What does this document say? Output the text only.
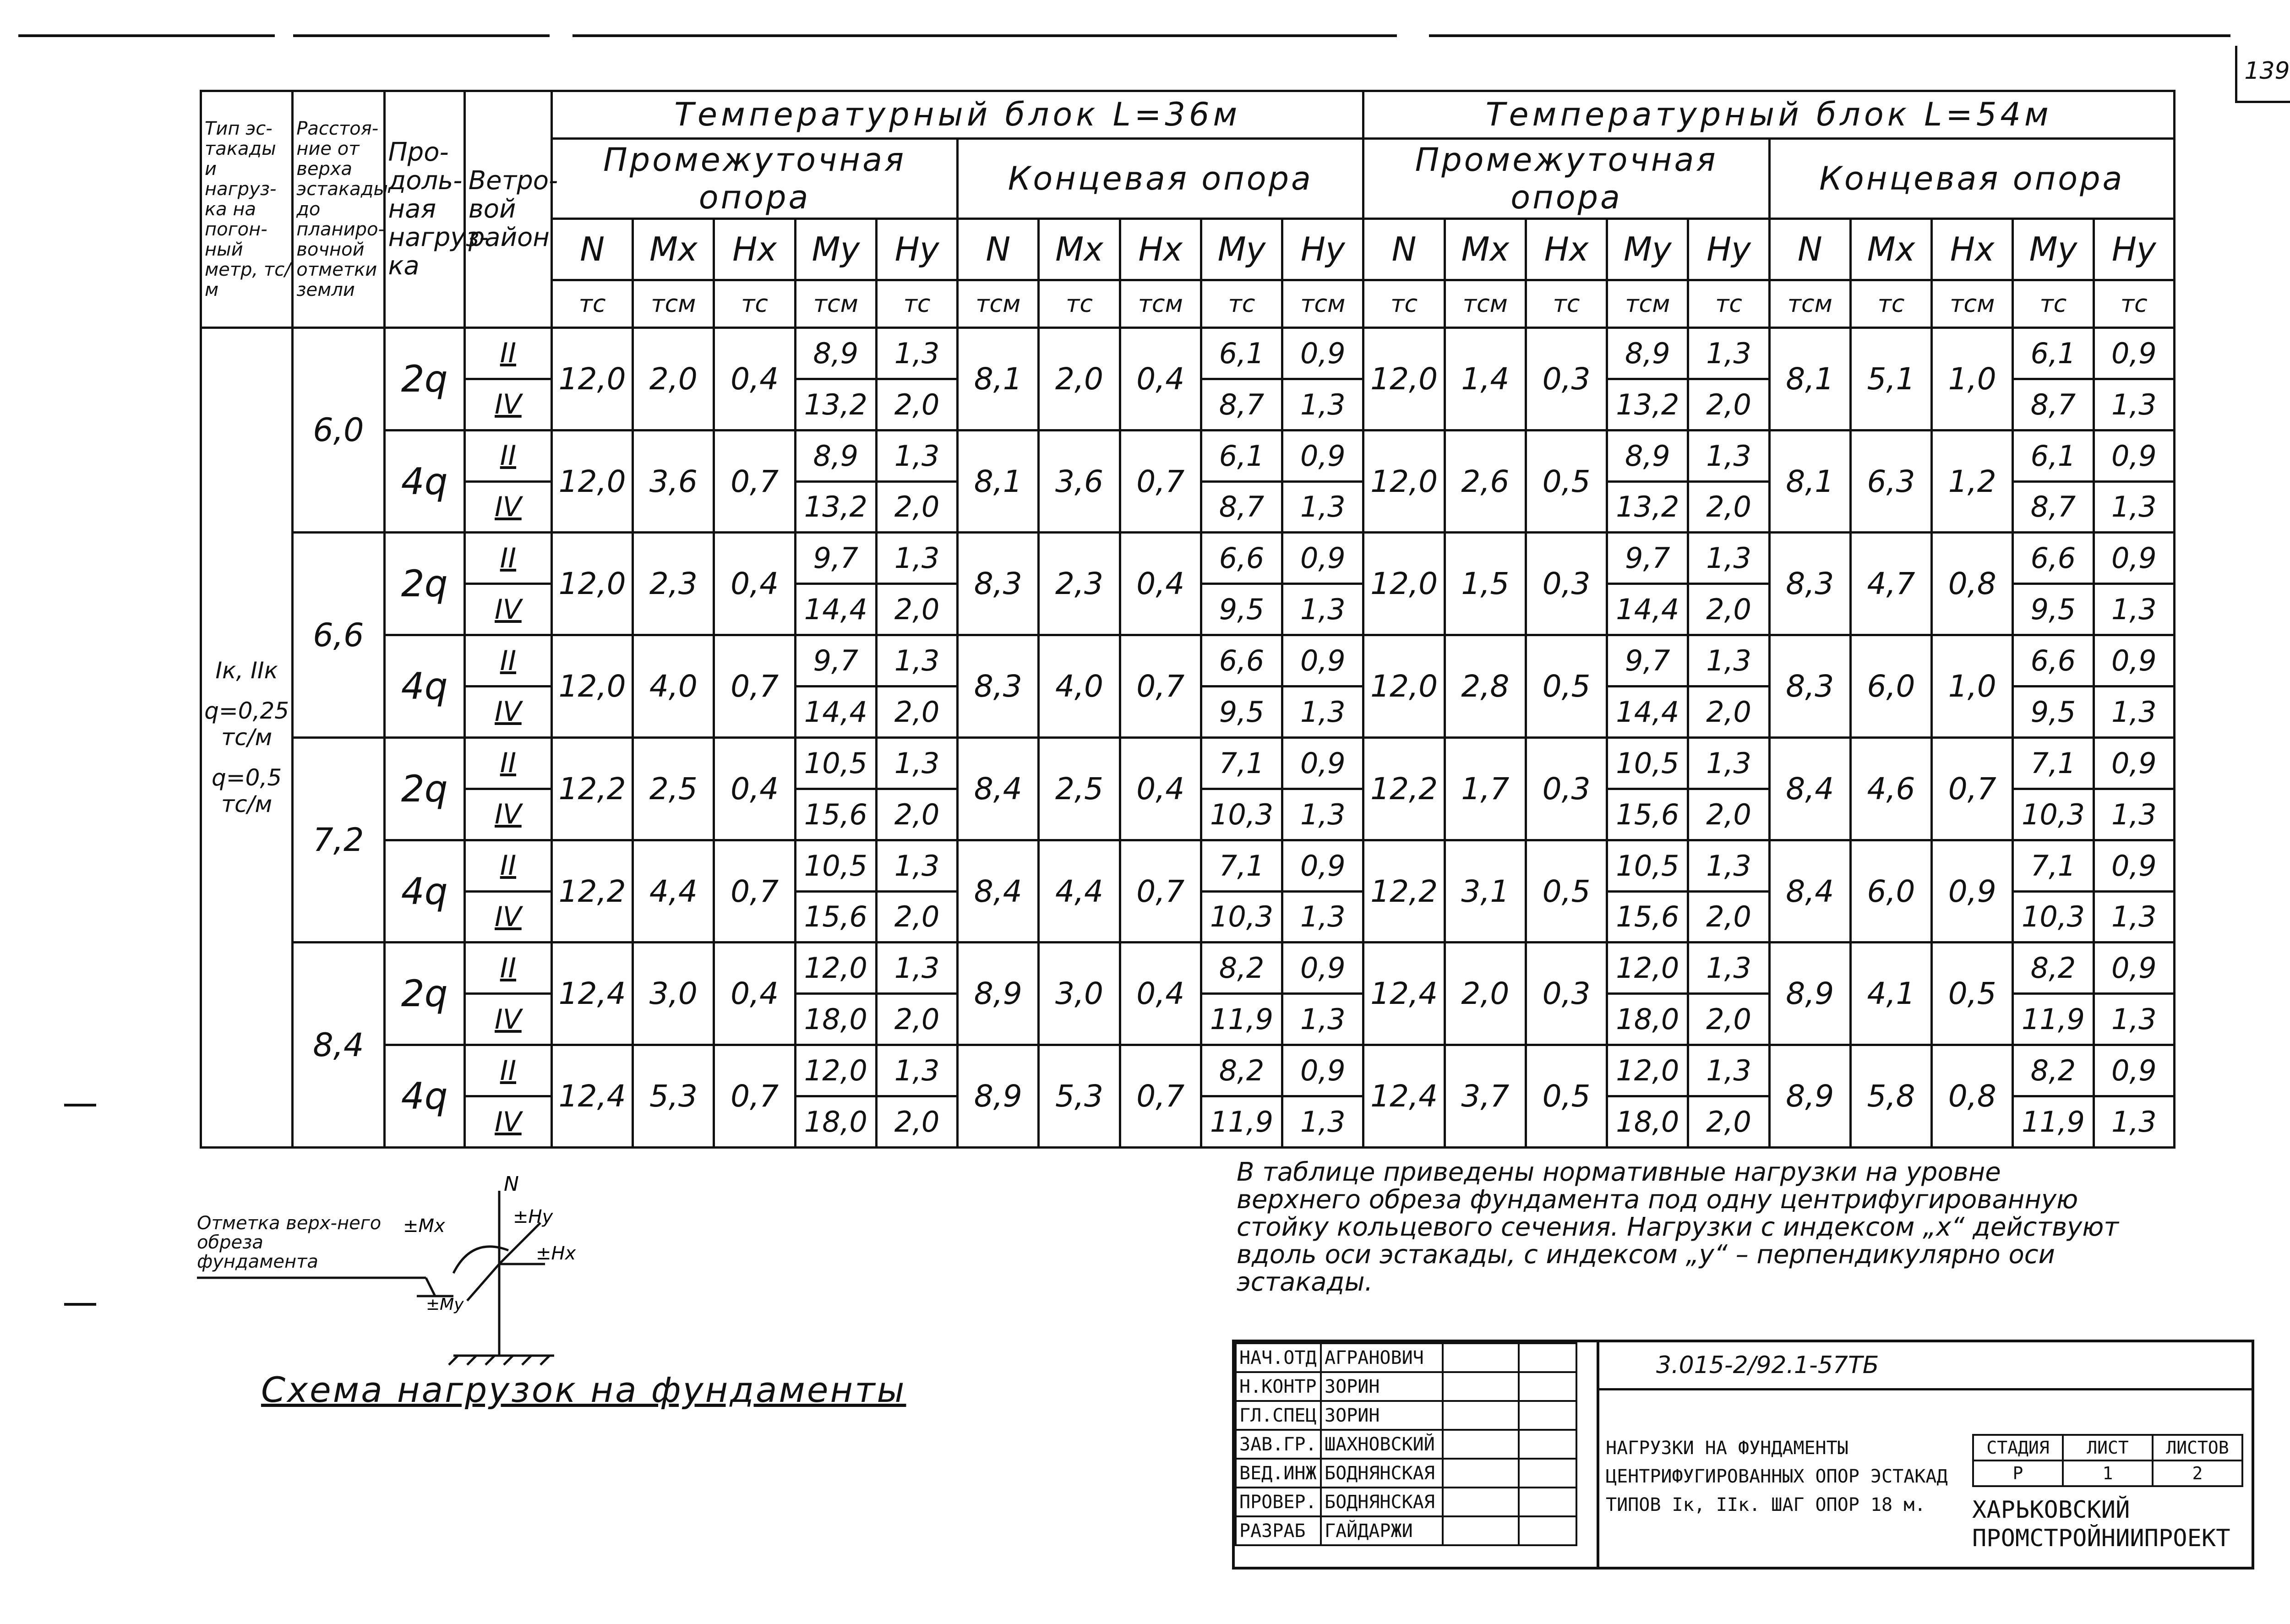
139
Тип эс-такады и нагруз-ка на погон-ный метр, тс/м	Расстоя-ние от верха эстакады до планиро-вочной отметки земли	Про-доль-ная нагруз-ка	Ветро-вой район	Температурный блок L=36м										Температурный блок L=54м									
				Промежуточная опора					Концевая опора					Промежуточная опора					Концевая опора				
				N	Mx	Hx	My	Hy	N	Mx	Hx	My	Hy	N	Mx	Hx	My	Hy	N	Mx	Hx	My	Hy
				тс	тсм	тс	тсм	тс	тсм	тс	тсм	тс	тсм	тс	тсм	тс	тсм	тс	тсм	тс	тсм	тс	тс

Iк, IIк
q=0,25 тс/м
q=0,5 тс/м	6,0	2q	II	12,0	2,0	0,4	8,9	1,3	8,1	2,0	0,4	6,1	0,9	12,0	1,4	0,3	8,9	1,3	8,1	5,1	1,0	6,1	0,9
			IV				13,2	2,0				8,7	1,3				13,2	2,0				8,7	1,3
		4q	II	12,0	3,6	0,7	8,9	1,3	8,1	3,6	0,7	6,1	0,9	12,0	2,6	0,5	8,9	1,3	8,1	6,3	1,2	6,1	0,9
			IV				13,2	2,0				8,7	1,3				13,2	2,0				8,7	1,3
	6,6	2q	II	12,0	2,3	0,4	9,7	1,3	8,3	2,3	0,4	6,6	0,9	12,0	1,5	0,3	9,7	1,3	8,3	4,7	0,8	6,6	0,9
			IV				14,4	2,0				9,5	1,3				14,4	2,0				9,5	1,3
		4q	II	12,0	4,0	0,7	9,7	1,3	8,3	4,0	0,7	6,6	0,9	12,0	2,8	0,5	9,7	1,3	8,3	6,0	1,0	6,6	0,9
			IV				14,4	2,0				9,5	1,3				14,4	2,0				9,5	1,3
	7,2	2q	II	12,2	2,5	0,4	10,5	1,3	8,4	2,5	0,4	7,1	0,9	12,2	1,7	0,3	10,5	1,3	8,4	4,6	0,7	7,1	0,9
			IV				15,6	2,0				10,3	1,3				15,6	2,0				10,3	1,3
		4q	II	12,2	4,4	0,7	10,5	1,3	8,4	4,4	0,7	7,1	0,9	12,2	3,1	0,5	10,5	1,3	8,4	6,0	0,9	7,1	0,9
			IV				15,6	2,0				10,3	1,3				15,6	2,0				10,3	1,3
	8,4	2q	II	12,4	3,0	0,4	12,0	1,3	8,9	3,0	0,4	8,2	0,9	12,4	2,0	0,3	12,0	1,3	8,9	4,1	0,5	8,2	0,9
			IV				18,0	2,0				11,9	1,3				18,0	2,0				11,9	1,3
		4q	II	12,4	5,3	0,7	12,0	1,3	8,9	5,3	0,7	8,2	0,9	12,4	3,7	0,5	12,0	1,3	8,9	5,8	0,8	8,2	0,9
			IV				18,0	2,0				11,9	1,3				18,0	2,0				11,9	1,3
N
±Mx	±Hy
±Hx
±My
Отметка верх-него обреза фундамента
Схема нагрузок на фундаменты
В таблице приведены нормативные нагрузки на уровне верхнего обреза фундамента под одну центрифугированную стойку кольцевого сечения. Нагрузки с индексом „x“ действуют вдоль оси эстакады, с индексом „y“ – перпендикулярно оси эстакады.
НАЧ.ОТД	АГРАНОВИЧ		
Н.КОНТР	ЗОРИН		
ГЛ.СПЕЦ	ЗОРИН		
ЗАВ.ГР.	ШАХНОВСКИЙ		
ВЕД.ИНЖ	БОДНЯНСКАЯ		
ПРОВЕР.	БОДНЯНСКАЯ		
РАЗРАБ	ГАЙДАРЖИ		
3.015-2/92.1-57ТБ
НАГРУЗКИ НА ФУНДАМЕНТЫ ЦЕНТРИФУГИРОВАННЫХ ОПОР ЭСТАКАД ТИПОВ Iк, IIк. ШАГ ОПОР 18 м.
СТАДИЯ	ЛИСТ	ЛИСТОВ
Р	1	2
ХАРЬКОВСКИЙ ПРОМСТРОЙНИИПРОЕКТ
